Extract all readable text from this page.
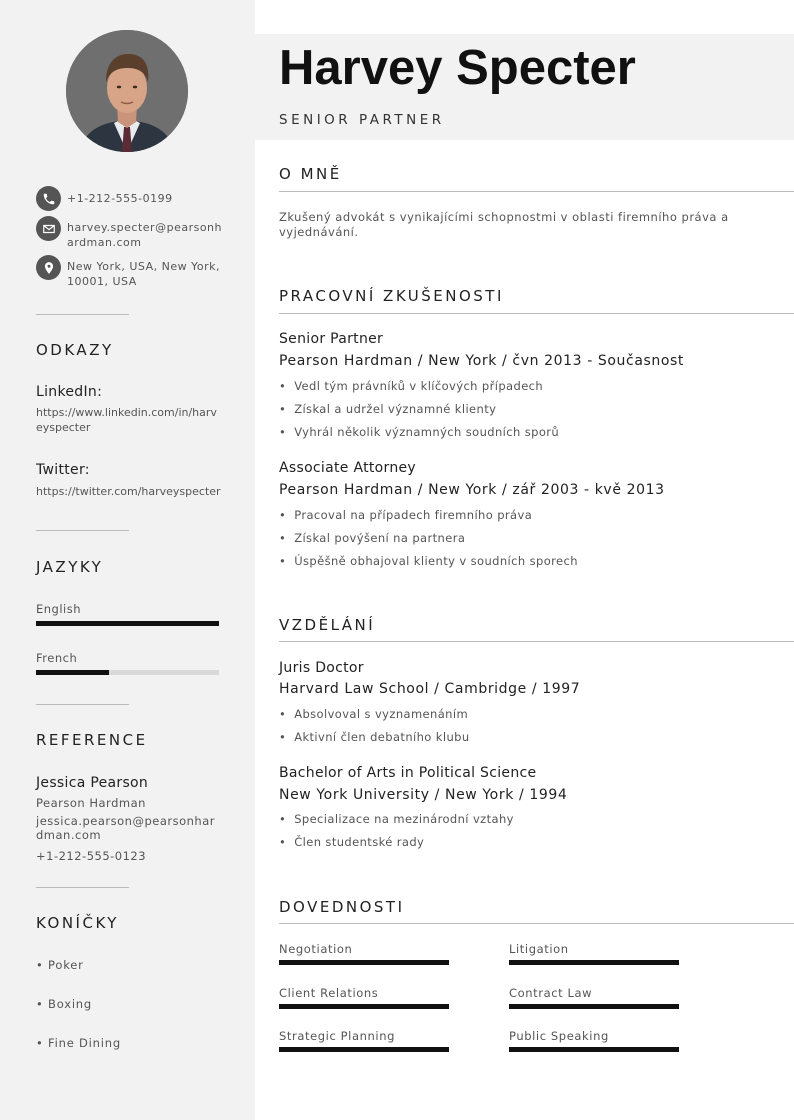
+1-212-555-0199
harvey.specter@pearsonhardman.com
New York, USA, New York, 10001, USA
ODKAZY
LinkedIn:
https://www.linkedin.com/in/harveyspecter
Twitter:
https://twitter.com/harveyspecter
JAZYKY
English
French
REFERENCE
Jessica Pearson
Pearson Hardman
jessica.pearson@pearsonhardman.com
+1-212-555-0123
KONÍČKY
• Poker
• Boxing
• Fine Dining
Harvey Specter
SENIOR PARTNER
O MNĚ
Zkušený advokát s vynikajícími schopnostmi v oblasti firemního práva a vyjednávání.
PRACOVNÍ ZKUŠENOSTI
Senior Partner
Pearson Hardman / New York / čvn 2013 - Současnost
• Vedl tým právníků v klíčových případech
• Získal a udržel významné klienty
• Vyhrál několik významných soudních sporů
Associate Attorney
Pearson Hardman / New York / zář 2003 - kvě 2013
• Pracoval na případech firemního práva
• Získal povýšení na partnera
• Úspěšně obhajoval klienty v soudních sporech
VZDĚLÁNÍ
Juris Doctor
Harvard Law School / Cambridge / 1997
• Absolvoval s vyznamenáním
• Aktivní člen debatního klubu
Bachelor of Arts in Political Science
New York University / New York / 1994
• Specializace na mezinárodní vztahy
• Člen studentské rady
DOVEDNOSTI
Negotiation	Litigation
Client Relations	Contract Law
Strategic Planning	Public Speaking
